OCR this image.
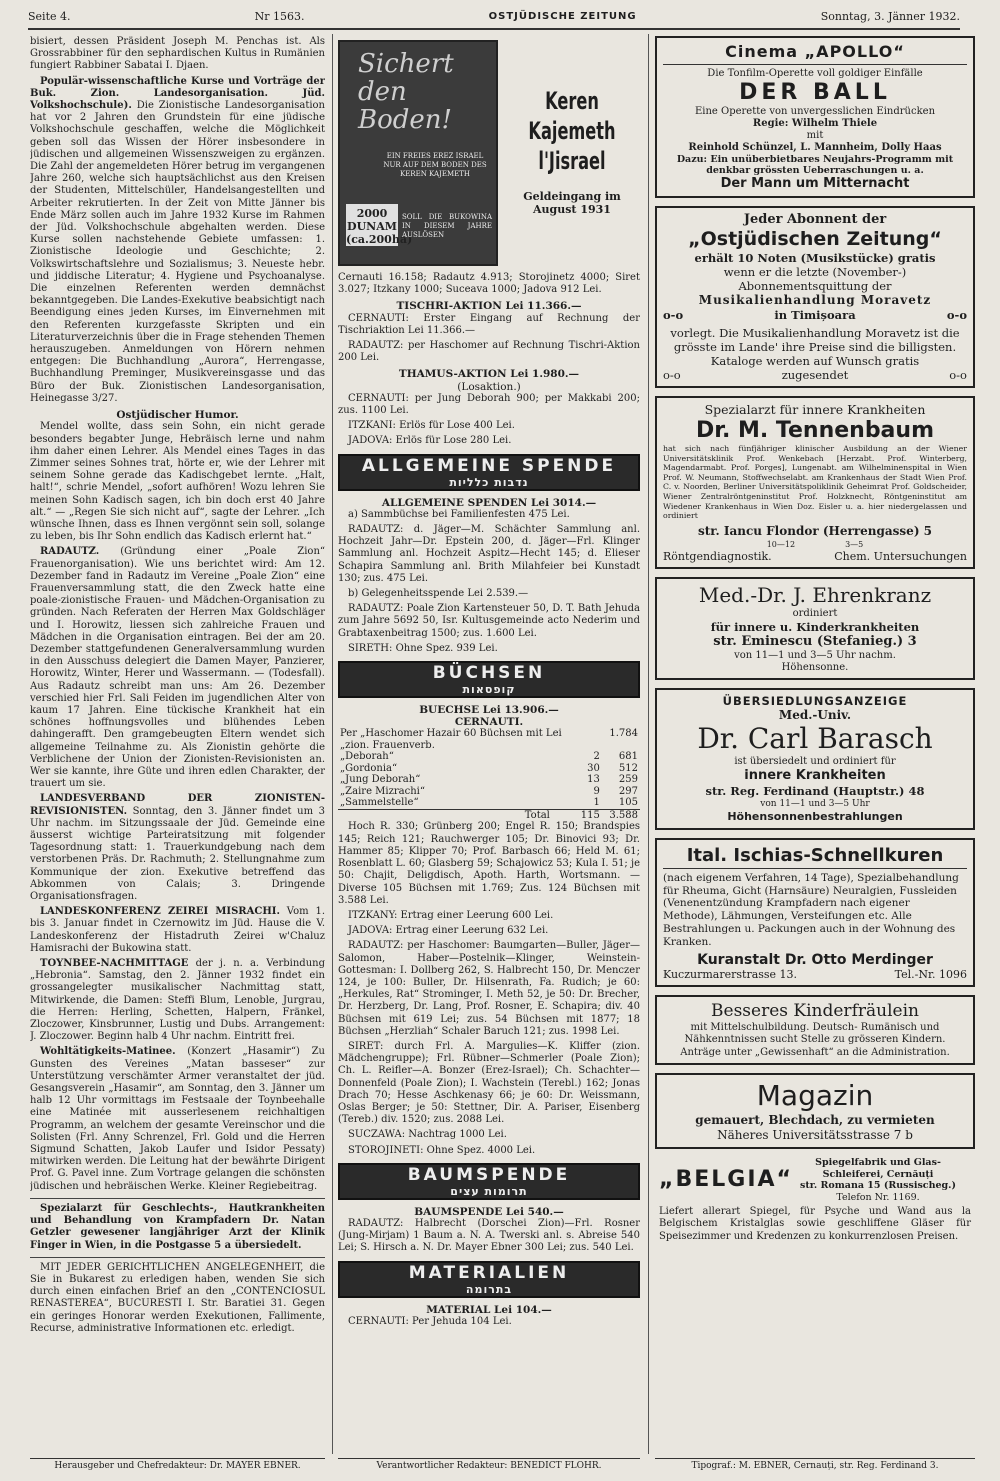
Seite 4.	Nr 1563.	OSTJÜDISCHE ZEITUNG	Sonntag, 3. Jänner 1932.
bisiert, dessen Präsident Joseph M. Penchas ist. Als Grossrabbiner für den sephardischen Kultus in Rumänien fungiert Rabbiner Sabatai I. Djaen.
Populär-wissenschaftliche Kurse und Vorträge der Buk. Zion. Landesorganisation. Jüd. Volkshochschule). Die Zionistische Landesorganisation hat vor 2 Jahren den Grundstein für eine jüdische Volkshochschule geschaffen, welche die Möglichkeit geben soll das Wissen der Hörer insbesondere in jüdischen und allgemeinen Wissenszweigen zu ergänzen. Die Zahl der angemeldeten Hörer betrug im vergangenen Jahre 260, welche sich hauptsächlichst aus den Kreisen der Studenten, Mittelschüler, Handelsangestellten und Arbeiter rekrutierten. In der Zeit von Mitte Jänner bis Ende März sollen auch im Jahre 1932 Kurse im Rahmen der Jüd. Volkshochschule abgehalten werden. Diese Kurse sollen nachstehende Gebiete umfassen: 1. Zionistische Ideologie und Geschichte; 2. Volkswirtschaftslehre und Sozialismus; 3. Neueste hebr. und jiddische Literatur; 4. Hygiene und Psychoanalyse. Die einzelnen Referenten werden demnächst bekanntgegeben. Die Landes-Exekutive beabsichtigt nach Beendigung eines jeden Kurses, im Einvernehmen mit den Referenten kurzgefasste Skripten und ein Literaturverzeichnis über die in Frage stehenden Themen herauszugeben. Anmeldungen von Hörern nehmen entgegen: Die Buchhandlung „Aurora“, Herrengasse, Buchhandlung Preminger, Musikvereinsgasse und das Büro der Buk. Zionistischen Landesorganisation, Heinegasse 3/27.
Ostjüdischer Humor.
Mendel wollte, dass sein Sohn, ein nicht gerade besonders begabter Junge, Hebräisch lerne und nahm ihm daher einen Lehrer. Als Mendel eines Tages in das Zimmer seines Sohnes trat, hörte er, wie der Lehrer mit seinem Sohne gerade das Kadischgebet lernte. „Halt, halt!“, schrie Mendel, „sofort aufhören! Wozu lehren Sie meinen Sohn Kadisch sagen, ich bin doch erst 40 Jahre alt.“ — „Regen Sie sich nicht auf“, sagte der Lehrer. „Ich wünsche Ihnen, dass es Ihnen vergönnt sein soll, solange zu leben, bis Ihr Sohn endlich das Kadisch erlernt hat.“
RADAUTZ. (Gründung einer „Poale Zion“ Frauenorganisation). Wie uns berichtet wird: Am 12. Dezember fand in Radautz im Vereine „Poale Zion“ eine Frauenversammlung statt, die den Zweck hatte eine poale-zionistische Frauen- und Mädchen-Organisation zu gründen. Nach Referaten der Herren Max Goldschläger und I. Horowitz, liessen sich zahlreiche Frauen und Mädchen in die Organisation eintragen. Bei der am 20. Dezember stattgefundenen Generalversammlung wurden in den Ausschuss delegiert die Damen Mayer, Panzierer, Horowitz, Winter, Herer und Wassermann. — (Todesfall). Aus Radautz schreibt man uns: Am 26. Dezember verschied hier Frl. Sali Feiden im jugendlichen Alter von kaum 17 Jahren. Eine tückische Krankheit hat ein schönes hoffnungsvolles und blühendes Leben dahingerafft. Den gramgebeugten Eltern wendet sich allgemeine Teilnahme zu. Als Zionistin gehörte die Verblichene der Union der Zionisten-Revisionisten an. Wer sie kannte, ihre Güte und ihren edlen Charakter, der trauert um sie.
LANDESVERBAND DER ZIONISTEN-REVISIONISTEN. Sonntag, den 3. Jänner findet um 3 Uhr nachm. im Sitzungssaale der Jüd. Gemeinde eine äusserst wichtige Parteiratsitzung mit folgender Tagesordnung statt: 1. Trauerkundgebung nach dem verstorbenen Präs. Dr. Rachmuth; 2. Stellungnahme zum Kommunique der zion. Exekutive betreffend das Abkommen von Calais; 3. Dringende Organisationsfragen.
LANDESKONFERENZ ZEIREI MISRACHI. Vom 1. bis 3. Januar findet in Czernowitz im Jüd. Hause die V. Landeskonferenz der Histadruth Zeirei w'Chaluz Hamisrachi der Bukowina statt.
TOYNBEE-NACHMITTAGE der j. n. a. Verbindung „Hebronia“. Samstag, den 2. Jänner 1932 findet ein grossangelegter musikalischer Nachmittag statt, Mitwirkende, die Damen: Steffi Blum, Lenoble, Jurgrau, die Herren: Herling, Schetten, Halpern, Fränkel, Zloczower, Kinsbrunner, Lustig und Dubs. Arrangement: J. Zloczower. Beginn halb 4 Uhr nachm. Eintritt frei.
Wohltätigkeits-Matinee. (Konzert „Hasamir“) Zu Gunsten des Vereines „Matan basseser“ zur Unterstützung verschämter Armer veranstaltet der jüd. Gesangsverein „Hasamir“, am Sonntag, den 3. Jänner um halb 12 Uhr vormittags im Festsaale der Toynbeehalle eine Matinée mit ausserlesenem reichhaltigen Programm, an welchem der gesamte Vereinschor und die Solisten (Frl. Anny Schrenzel, Frl. Gold und die Herren Sigmund Schatten, Jakob Laufer und Isidor Pessaty) mitwirken werden. Die Leitung hat der bewährte Dirigent Prof. G. Pavel inne. Zum Vortrage gelangen die schönsten jüdischen und hebräischen Werke. Kleiner Regiebeitrag.
Spezialarzt für Geschlechts-, Hautkrankheiten und Behandlung von Krampfadern Dr. Natan Getzler gewesener langjähriger Arzt der Klinik Finger in Wien, in die Postgasse 5 a übersiedelt.
MIT JEDER GERICHTLICHEN ANGELEGENHEIT, die Sie in Bukarest zu erledigen haben, wenden Sie sich durch einen einfachen Brief an den „CONTENCIOSUL RENASTEREA“, BUCURESTI I. Str. Baratiei 31. Gegen ein geringes Honorar werden Exekutionen, Fallimente, Recurse, administrative Informationen etc. erledigt.
Sichert den Boden!
EIN FREIES EREZ ISRAEL NUR AUF DEM BODEN DES KEREN KAJEMETH
2000 DUNAM (ca.200ha)
SOLL DIE BUKOWINA IN DIESEM JAHRE AUSLÖSEN
Keren Kajemeth l'Jisrael
Geldeingang im August 1931
Cernauti 16.158; Radautz 4.913; Storojinetz 4000; Siret 3.027; Itzkany 1000; Suceava 1000; Jadova 912 Lei.
TISCHRI-AKTION Lei 11.366.—
CERNAUTI: Erster Eingang auf Rechnung der Tischriaktion Lei 11.366.—
RADAUTZ: per Haschomer auf Rechnung Tischri-Aktion 200 Lei.
THAMUS-AKTION Lei 1.980.—
(Losaktion.)
CERNAUTI: per Jung Deborah 900; per Makkabi 200; zus. 1100 Lei.
ITZKANI: Erlös für Lose 400 Lei.
JADOVA: Erlös für Lose 280 Lei.
ALLGEMEINE SPENDE
נדבות כלליות
ALLGEMEINE SPENDEN Lei 3014.—
a) Sammbüchse bei Familienfesten 475 Lei.
RADAUTZ: d. Jäger—M. Schächter Sammlung anl. Hochzeit Jahr—Dr. Epstein 200, d. Jäger—Frl. Klinger Sammlung anl. Hochzeit Aspitz—Hecht 145; d. Elieser Schapira Sammlung anl. Brith Milahfeier bei Kunstadt 130; zus. 475 Lei.
b) Gelegenheitsspende Lei 2.539.—
RADAUTZ: Poale Zion Kartensteuer 50, D. T. Bath Jehuda zum Jahre 5692 50, Isr. Kultusgemeinde acto Nederim und Grabtaxenbeitrag 1500; zus. 1.600 Lei.
SIRETH: Ohne Spez. 939 Lei.
BÜCHSEN
קופסאות
BUECHSE Lei 13.906.—
CERNAUTI.
Per „Haschomer Hazair 60 Büchsen mit Lei		1.784
„zion. Frauenverb.		
„Deborah“	2	681
„Gordonia“	30	512
„Jung Deborah“	13	259
„Zaire Mizrachi“	9	297
„Sammelstelle“	1	105
Total	115	3.588
Hoch R. 330; Grünberg 200; Engel R. 150; Brandspies 145; Reich 121; Rauchwerger 105; Dr. Binovici 93; Dr. Hammer 85; Klipper 70; Prof. Barbasch 66; Held M. 61; Rosenblatt L. 60; Glasberg 59; Schajowicz 53; Kula I. 51; je 50: Chajit, Deligdisch, Apoth. Harth, Wortsmann. — Diverse 105 Büchsen mit 1.769; Zus. 124 Büchsen mit 3.588 Lei.
ITZKANY: Ertrag einer Leerung 600 Lei.
JADOVA: Ertrag einer Leerung 632 Lei.
RADAUTZ: per Haschomer: Baumgarten—Buller, Jäger—Salomon, Haber—Postelnik—Klinger, Weinstein-Gottesman: I. Dollberg 262, S. Halbrecht 150, Dr. Menczer 124, je 100: Buller, Dr. Hilsenrath, Fa. Rudich; je 60: „Herkules, Rat“ Strominger, I. Meth 52, je 50: Dr. Brecher, Dr. Herzberg, Dr. Lang, Prof. Rosner, E. Schapira; div. 40 Büchsen mit 619 Lei; zus. 54 Büchsen mit 1877; 18 Büchsen „Herzliah“ Schaler Baruch 121; zus. 1998 Lei.
SIRET: durch Frl. A. Margulies—K. Kliffer (zion. Mädchengruppe); Frl. Rübner—Schmerler (Poale Zion); Ch. L. Reifler—A. Bonzer (Erez-Israel); Ch. Schachter—Donnenfeld (Poale Zion); I. Wachstein (Terebl.) 162; Jonas Drach 70; Hesse Aschkenasy 66; je 60: Dr. Weissmann, Oslas Berger; je 50: Stettner, Dir. A. Pariser, Eisenberg (Tereb.) div. 1520; zus. 2088 Lei.
SUCZAWA: Nachtrag 1000 Lei.
STOROJINETI: Ohne Spez. 4000 Lei.
BAUMSPENDE
תרומות עצים
BAUMSPENDE Lei 540.—
RADAUTZ: Halbrecht (Dorschei Zion)—Frl. Rosner (Jung-Mirjam) 1 Baum a. N. A. Twerski anl. s. Abreise 540 Lei; S. Hirsch a. N. Dr. Mayer Ebner 300 Lei; zus. 540 Lei.
MATERIALIEN
בתרומה
MATERIAL Lei 104.—
CERNAUTI: Per Jehuda 104 Lei.
Cinema „APOLLO“
Die Tonfilm-Operette voll goldiger Einfälle
DER BALL
Eine Operette von unvergesslichen Eindrücken
Regie: Wilhelm Thiele
mit
Reinhold Schünzel, L. Mannheim, Dolly Haas
Dazu: Ein unüberbietbares Neujahrs-Programm mit denkbar grössten Ueberraschungen u. a.
Der Mann um Mitternacht
Jeder Abonnent der
„Ostjüdischen Zeitung“
erhält 10 Noten (Musikstücke) gratis
wenn er die letzte (November-)
Abonnementsquittung der
Musikalienhandlung Moravetz
o-o	in Timișoara	o-o
vorlegt. Die Musikalienhandlung Moravetz ist die grösste im Lande' ihre Preise sind die billigsten.
Kataloge werden auf Wunsch gratis
o-o	zugesendet	o-o
Spezialarzt für innere Krankheiten
Dr. M. Tennenbaum
hat sich nach fünfjähriger klinischer Ausbildung an der Wiener Universitätsklinik Prof. Wenkebach [Herzabt. Prof. Winterberg, Magendarmabt. Prof. Porges], Lungenabt. am Wilhelminenspital in Wien Prof. W. Neumann, Stoffwechselabt. am Krankenhaus der Stadt Wien Prof. C. v. Noorden, Berliner Universitätspoliklinik Geheimrat Prof. Goldscheider, Wiener Zentralröntgeninstitut Prof. Holzknecht, Röntgeninstitut am Wiedener Krankenhaus in Wien Doz. Eisler u. a. hier niedergelassen und ordiniert
str. Iancu Flondor (Herrengasse) 5
10—12	3—5
Röntgendiagnostik.	Chem. Untersuchungen
Med.-Dr. J. Ehrenkranz
ordiniert
für innere u. Kinderkrankheiten
str. Eminescu (Stefanieg.) 3
von 11—1 und 3—5 Uhr nachm.
Höhensonne.
ÜBERSIEDLUNGSANZEIGE
Med.-Univ.
Dr. Carl Barasch
ist übersiedelt und ordiniert für
innere Krankheiten
str. Reg. Ferdinand (Hauptstr.) 48
von 11—1 und 3—5 Uhr
Höhensonnenbestrahlungen
Ital. Ischias-Schnellkuren
(nach eigenem Verfahren, 14 Tage), Spezialbehandlung für Rheuma, Gicht (Harnsäure) Neuralgien, Fussleiden (Venenentzündung Krampfadern nach eigener Methode), Lähmungen, Versteifungen etc. Alle Bestrahlungen u. Packungen auch in der Wohnung des Kranken.
Kuranstalt Dr. Otto Merdinger
Kuczurmarerstrasse 13.	Tel.-Nr. 1096
Besseres Kinderfräulein
mit Mittelschulbildung. Deutsch- Rumänisch und Nähkenntnissen sucht Stelle zu grösseren Kindern. Anträge unter „Gewissenhaft“ an die Administration.
Magazin
gemauert, Blechdach, zu vermieten
Näheres Universitätsstrasse 7 b
„BELGIA“
Spiegelfabrik und Glas-Schleiferei, Cernăuți
str. Romana 15 (Russischeg.)
Telefon Nr. 1169.
Liefert allerart Spiegel, für Psyche und Wand aus la Belgischem Kristalglas sowie geschliffene Gläser für Speisezimmer und Kredenzen zu konkurrenzlosen Preisen.
Herausgeber und Chefredakteur: Dr. MAYER EBNER.	Verantwortlicher Redakteur: BENEDICT FLOHR.	Tipograf.: M. EBNER, Cernauți, str. Reg. Ferdinand 3.
